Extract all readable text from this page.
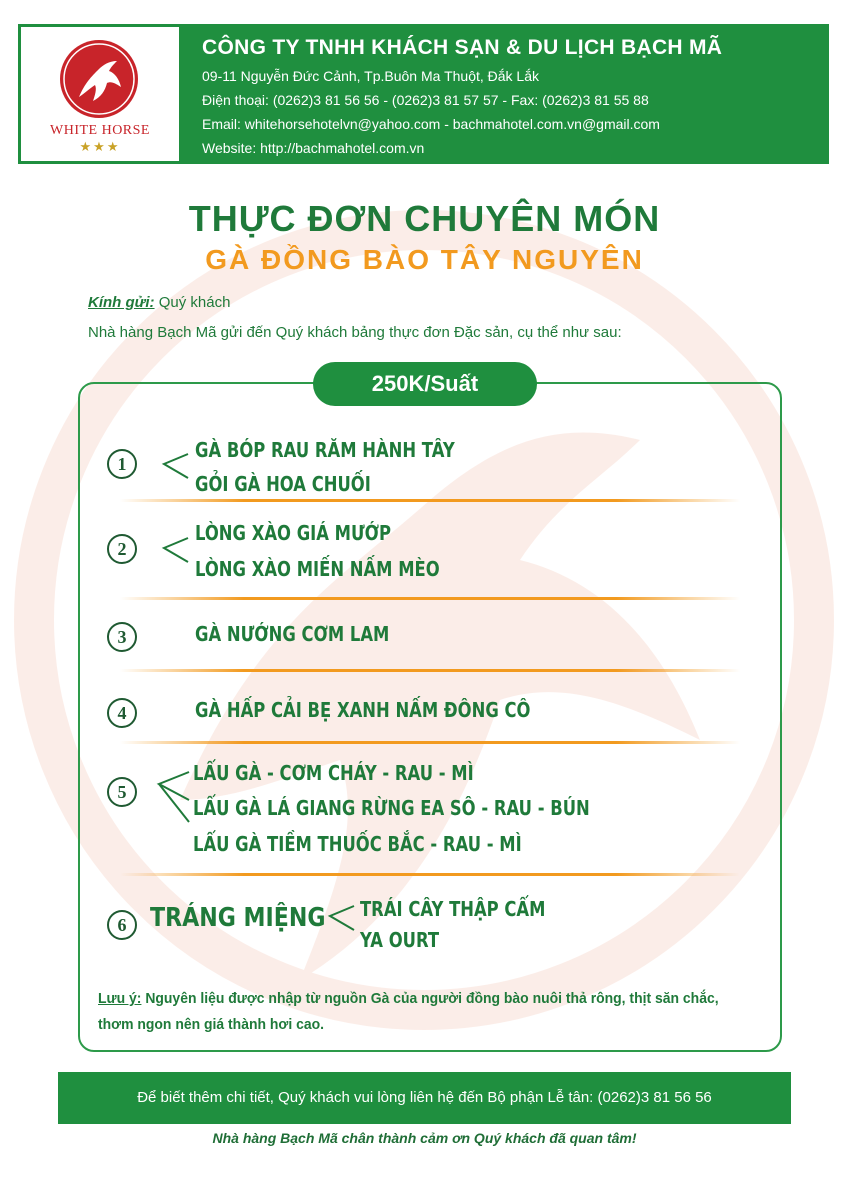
WHITE HORSE
★★★
CÔNG TY TNHH KHÁCH SẠN & DU LỊCH BẠCH MÃ
09-11 Nguyễn Đức Cảnh, Tp.Buôn Ma Thuột, Đắk Lắk
Điện thoại: (0262)3 81 56 56 - (0262)3 81 57 57 - Fax: (0262)3 81 55 88
Email: whitehorsehotelvn@yahoo.com - bachmahotel.com.vn@gmail.com
Website: http://bachmahotel.com.vn
THỰC ĐƠN CHUYÊN MÓN
GÀ ĐỒNG BÀO TÂY NGUYÊN
Kính gửi: Quý khách
Nhà hàng Bạch Mã gửi đến Quý khách bảng thực đơn Đặc sản, cụ thể như sau:
250K/Suất
1
GÀ BÓP RAU RĂM HÀNH TÂY
GỎI GÀ HOA CHUỐI
2
LÒNG XÀO GIÁ MƯỚP
LÒNG XÀO MIẾN NẤM MÈO
3	GÀ NƯỚNG CƠM LAM
4	GÀ HẤP CẢI BẸ XANH NẤM ĐÔNG CÔ
5
LẨU GÀ - CƠM CHÁY - RAU - MÌ
LẨU GÀ LÁ GIANG RỪNG EA SÔ - RAU - BÚN
LẨU GÀ TIỀM THUỐC BẮC - RAU - MÌ
6 TRÁNG MIỆNG TRÁI CÂY THẬP CẨM
YA OURT
Lưu ý: Nguyên liệu được nhập từ nguồn Gà của người đồng bào nuôi thả rông, thịt săn chắc, thơm ngon nên giá thành hơi cao.
Để biết thêm chi tiết, Quý khách vui lòng liên hệ đến Bộ phận Lễ tân: (0262)3 81 56 56
Nhà hàng Bạch Mã chân thành cảm ơn Quý khách đã quan tâm!
